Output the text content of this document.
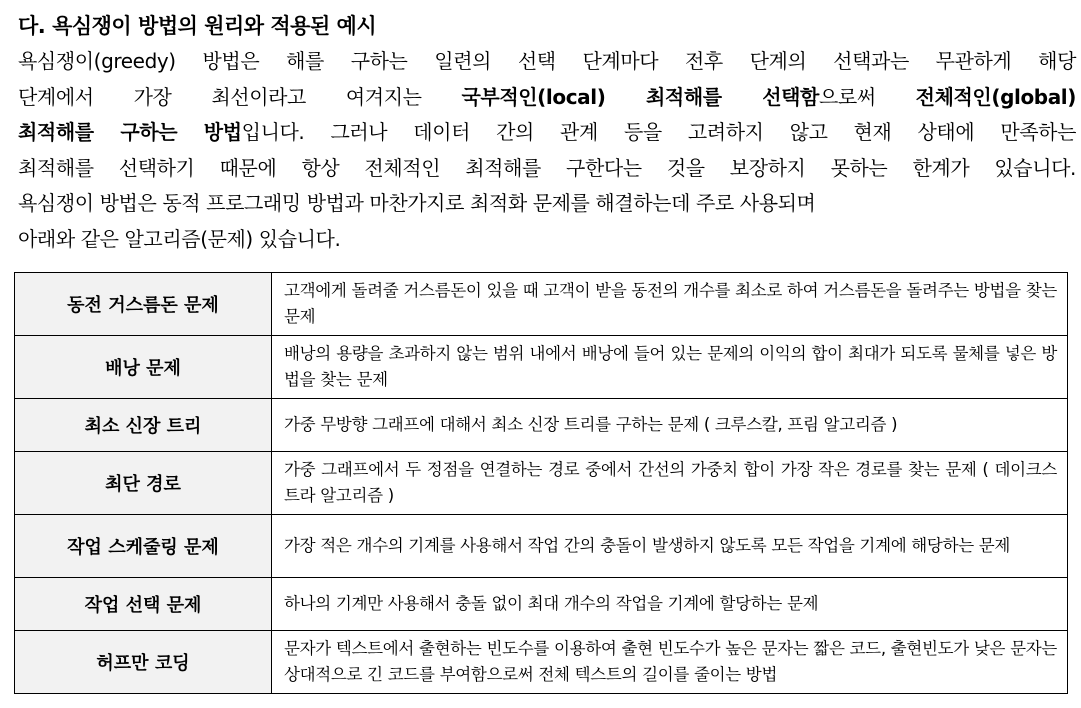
다. 욕심쟁이 방법의 원리와 적용된 예시
욕심쟁이(greedy) 방법은 해를 구하는 일련의 선택 단계마다 전후 단계의 선택과는 무관하게 해당
단계에서 가장 최선이라고 여겨지는 국부적인(local) 최적해를 선택함으로써 전체적인(global)
최적해를 구하는 방법입니다. 그러나 데이터 간의 관계 등을 고려하지 않고 현재 상태에 만족하는
최적해를 선택하기 때문에 항상 전체적인 최적해를 구한다는 것을 보장하지 못하는 한계가 있습니다.
욕심쟁이 방법은 동적 프로그래밍 방법과 마찬가지로 최적화 문제를 해결하는데 주로 사용되며
아래와 같은 알고리즘(문제) 있습니다.
동전 거스름돈 문제	고객에게 돌려줄 거스름돈이 있을 때 고객이 받을 동전의 개수를 최소로 하여 거스름돈을 돌려주는 방법을 찾는 문제
배낭 문제	배낭의 용량을 초과하지 않는 범위 내에서 배낭에 들어 있는 문제의 이익의 합이 최대가 되도록 물체를 넣은 방법을 찾는 문제
최소 신장 트리	가중 무방향 그래프에 대해서 최소 신장 트리를 구하는 문제 ( 크루스칼, 프림 알고리즘 )
최단 경로	가중 그래프에서 두 정점을 연결하는 경로 중에서 간선의 가중치 합이 가장 작은 경로를 찾는 문제 ( 데이크스트라 알고리즘 )
작업 스케줄링 문제	가장 적은 개수의 기계를 사용해서 작업 간의 충돌이 발생하지 않도록 모든 작업을 기계에 해당하는 문제
작업 선택 문제	하나의 기계만 사용해서 충돌 없이 최대 개수의 작업을 기계에 할당하는 문제
허프만 코딩	문자가 텍스트에서 출현하는 빈도수를 이용하여 출현 빈도수가 높은 문자는 짧은 코드, 출현빈도가 낮은 문자는 상대적으로 긴 코드를 부여함으로써 전체 텍스트의 길이를 줄이는 방법
